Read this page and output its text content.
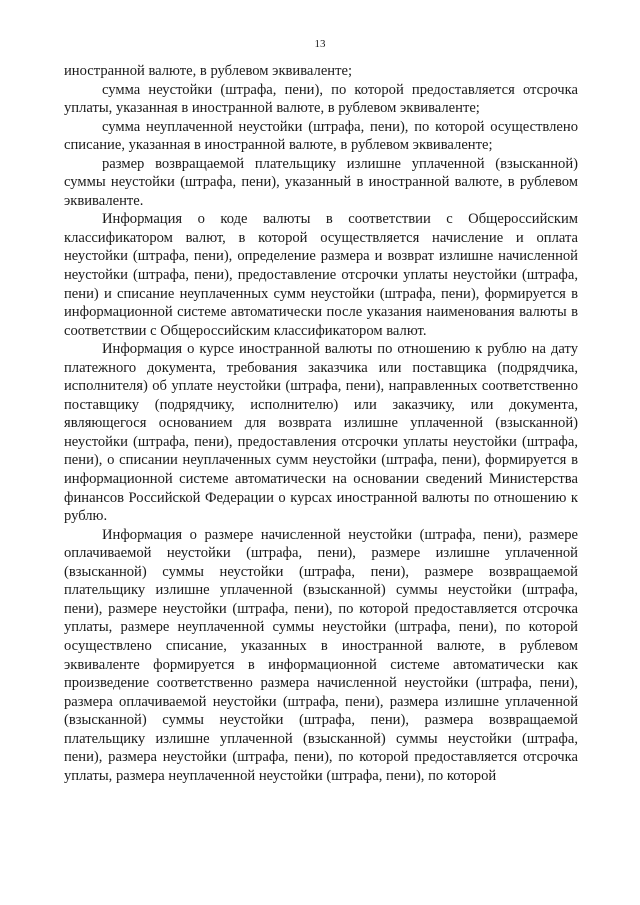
13

иностранной валюте, в рублевом эквиваленте;

сумма неустойки (штрафа, пени), по которой предоставляется отсрочка уплаты, указанная в иностранной валюте, в рублевом эквиваленте;

сумма неуплаченной неустойки (штрафа, пени), по которой осуществлено списание, указанная в иностранной валюте, в рублевом эквиваленте;

размер возвращаемой плательщику излишне уплаченной (взысканной) суммы неустойки (штрафа, пени), указанный в иностранной валюте, в рублевом эквиваленте.

Информация о коде валюты в соответствии с Общероссийским классификатором валют, в которой осуществляется начисление и оплата неустойки (штрафа, пени), определение размера и возврат излишне начисленной неустойки (штрафа, пени), предоставление отсрочки уплаты неустойки (штрафа, пени) и списание неуплаченных сумм неустойки (штрафа, пени), формируется в информационной системе автоматически после указания наименования валюты в соответствии с Общероссийским классификатором валют.

Информация о курсе иностранной валюты по отношению к рублю на дату платежного документа, требования заказчика или поставщика (подрядчика, исполнителя) об уплате неустойки (штрафа, пени), направленных соответственно поставщику (подрядчику, исполнителю) или заказчику, или документа, являющегося основанием для возврата излишне уплаченной (взысканной) неустойки (штрафа, пени), предоставления отсрочки уплаты неустойки (штрафа, пени), о списании неуплаченных сумм неустойки (штрафа, пени), формируется в информационной системе автоматически на основании сведений Министерства финансов Российской Федерации о курсах иностранной валюты по отношению к рублю.

Информация о размере начисленной неустойки (штрафа, пени), размере оплачиваемой неустойки (штрафа, пени), размере излишне уплаченной (взысканной) суммы неустойки (штрафа, пени), размере возвращаемой плательщику излишне уплаченной (взысканной) суммы неустойки (штрафа, пени), размере неустойки (штрафа, пени), по которой предоставляется отсрочка уплаты, размере неуплаченной суммы неустойки (штрафа, пени), по которой осуществлено списание, указанных в иностранной валюте, в рублевом эквиваленте формируется в информационной системе автоматически как произведение соответственно размера начисленной неустойки (штрафа, пени), размера оплачиваемой неустойки (штрафа, пени), размера излишне уплаченной (взысканной) суммы неустойки (штрафа, пени), размера возвращаемой плательщику излишне уплаченной (взысканной) суммы неустойки (штрафа, пени), размера неустойки (штрафа, пени), по которой предоставляется отсрочка уплаты, размера неуплаченной неустойки (штрафа, пени), по которой
